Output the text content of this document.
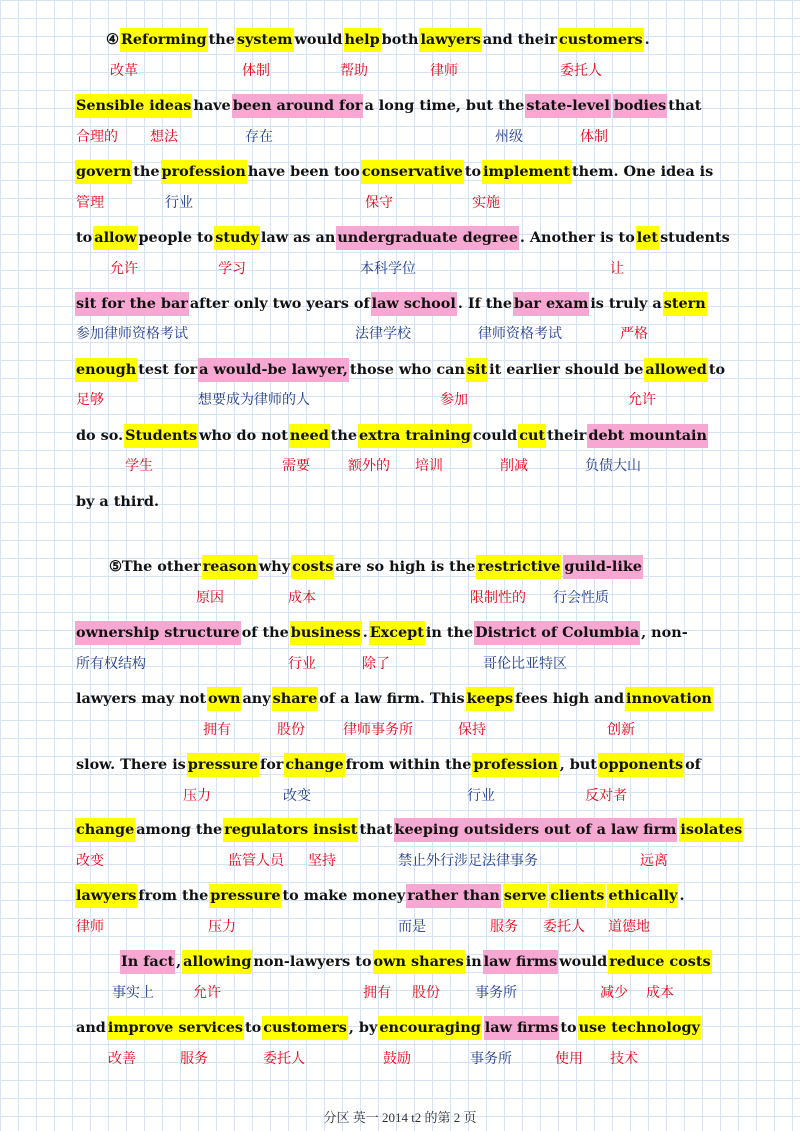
④ Reformingthesystemwouldhelpbothlawyersand theircustomers .
Sensible ideashavebeen around fora long time, but thestate-level bodiesthat
governtheprofessionhave been tooconservativetoimplementthem. One idea is
toallowpeople tostudylaw as anundergraduate degree . Another is toletstudents
sit for the barafter only two years oflaw school . If thebar examis truly astern
enoughtest fora would-be lawyer,those who cansitit earlier should beallowedto
do so.Studentswho do notneedtheextra trainingcouldcuttheirdebt mountain
by a third.
⑤The otherreasonwhycostsare so high is therestrictive guild-like
ownership structureof thebusiness .Exceptin theDistrict of Columbia , non-
lawyers may notownanyshareof a law firm. Thiskeepsfees high andinnovation
slow. There ispressureforchangefrom within theprofession , butopponentsof
changeamong theregulators insistthatkeeping outsiders out of a law firm isolates
lawyersfrom thepressureto make moneyrather than serve clients ethically .
In fact ,allowingnon-lawyers toown sharesinlaw firmswouldreduce costs
andimprove servicestocustomers , byencouraging law firmstouse technology
改革	体制	帮助	律师	委托人
合理的 想法	存在	州级	体制
管理	行业	保守	实施
允许	学习	本科学位	让
参加律师资格考试	法律学校	律师资格考试	严格
足够	想要成为律师的人	参加	允许
学生	需要	额外的 培训	削减	负债大山
原因	成本	限制性的 行会性质
所有权结构	行业	除了	哥伦比亚特区
拥有	股份	律师事务所	保持	创新
压力	改变	行业	反对者
改变	监管人员 坚持	禁止外行涉足法律事务	远离
律师	压力	而是	服务 委托人 道德地
事实上	允许	拥有 股份	事务所	减少 成本
改善	服务	委托人	鼓励	事务所	使用 技术
分区 英一 2014 t2 的第 2 页
